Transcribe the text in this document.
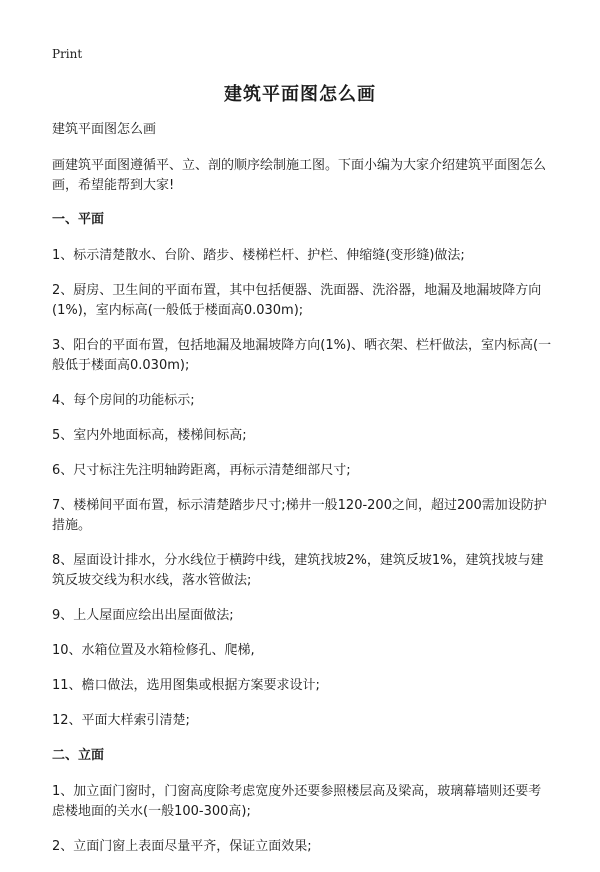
Print
建筑平面图怎么画

建筑平面图怎么画

画建筑平面图遵循平、立、剖的顺序绘制施工图。下面小编为大家介绍建筑平面图怎么画，希望能帮到大家!

一、平面

1、标示清楚散水、台阶、踏步、楼梯栏杆、护栏、伸缩缝(变形缝)做法;

2、厨房、卫生间的平面布置，其中包括便器、洗面器、洗浴器，地漏及地漏坡降方向(1%)，室内标高(一般低于楼面高0.030m);

3、阳台的平面布置，包括地漏及地漏坡降方向(1%)、晒衣架、栏杆做法，室内标高(一般低于楼面高0.030m);

4、每个房间的功能标示;

5、室内外地面标高，楼梯间标高;

6、尺寸标注先注明轴跨距离，再标示清楚细部尺寸;

7、楼梯间平面布置，标示清楚踏步尺寸;梯井一般120-200之间，超过200需加设防护措施。

8、屋面设计排水，分水线位于横跨中线，建筑找坡2%，建筑反坡1%，建筑找坡与建筑反坡交线为积水线，落水管做法;

9、上人屋面应绘出出屋面做法;

10、水箱位置及水箱检修孔、爬梯,

11、檐口做法，选用图集或根据方案要求设计;

12、平面大样索引清楚;

二、立面

1、加立面门窗时，门窗高度除考虑宽度外还要参照楼层高及梁高，玻璃幕墙则还要考虑楼地面的关水(一般100-300高);

2、立面门窗上表面尽量平齐，保证立面效果;
